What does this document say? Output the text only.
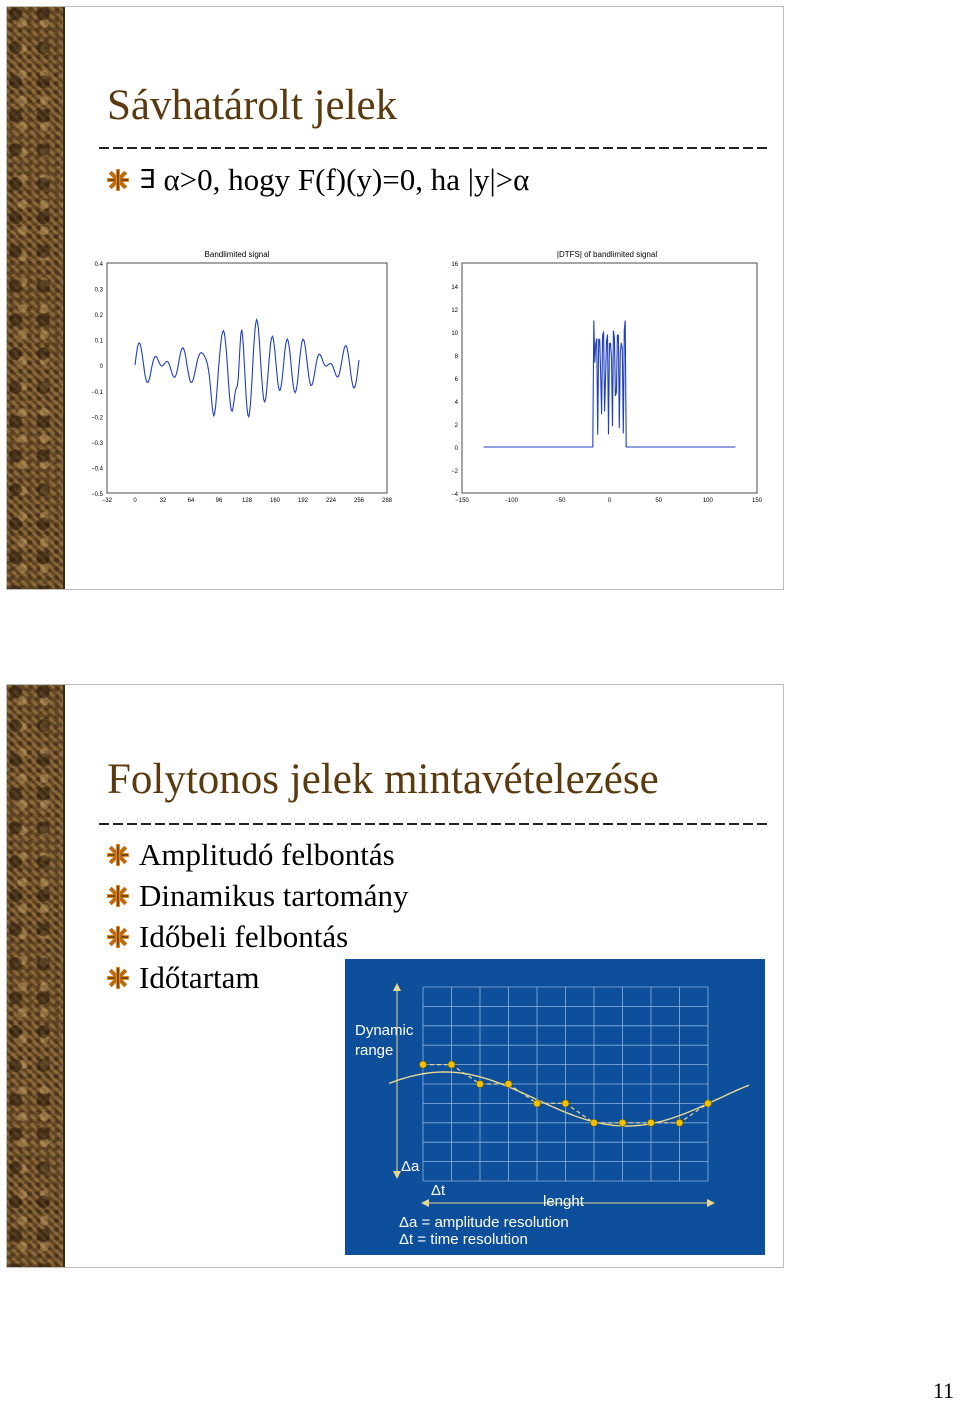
Sávhatárolt jelek
∃ α>0, hogy F(f)(y)=0, ha |y|>α
Bandlimited signal
0.4
0.3
0.2
0.1
0
−0.1
−0.2
−0.3
−0.4
−0.5
−32	0	32	64	96	128	160	192	224	256	288
|DTFS| of bandlimited signal
16
14
12
10
8
6
4
2
0
−2
−4
−150	−100	−50	0	50	100	150
Folytonos jelek mintavételezése
Amplitudó felbontás
Dinamikus tartomány
Időbeli felbontás
Időtartam
Dynamic
range
Δa
Δt
lenght
Δa = amplitude resolution
Δt = time resolution
11
